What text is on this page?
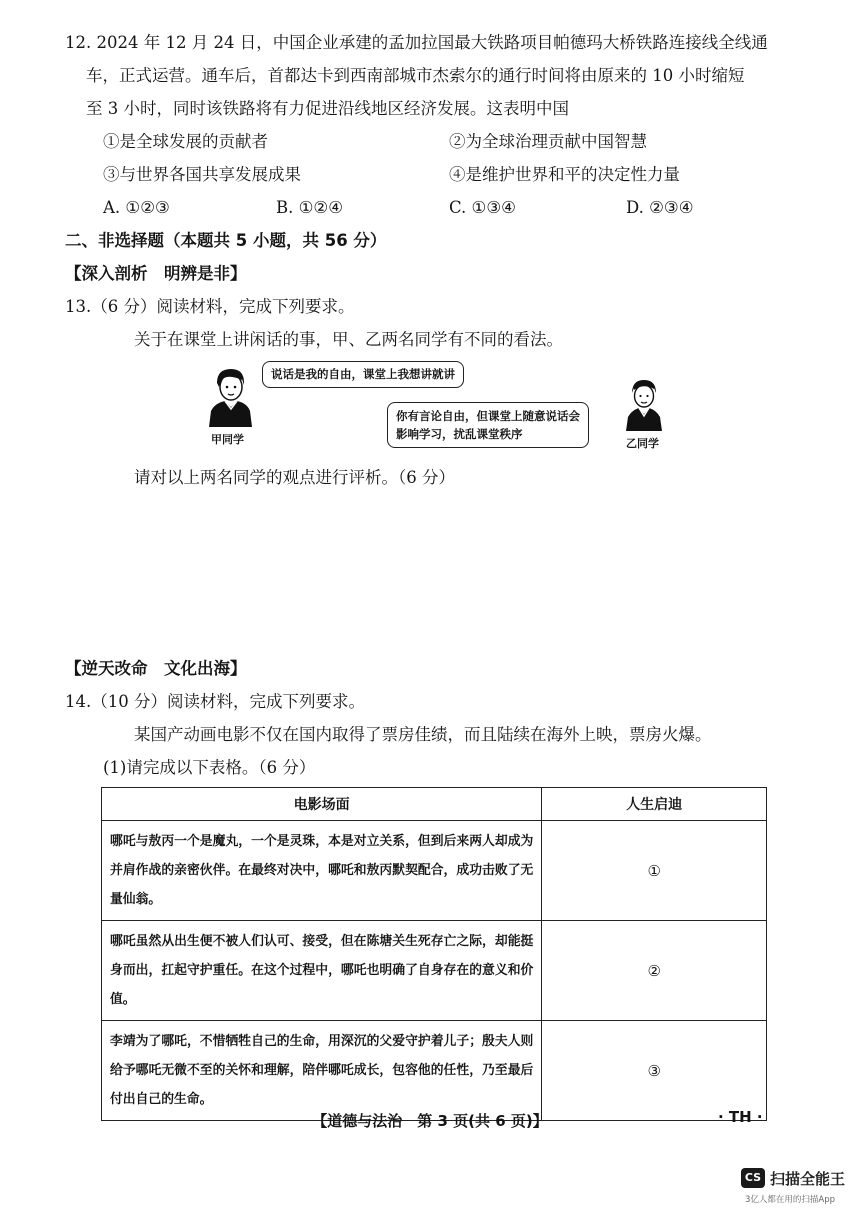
12. 2024 年 12 月 24 日，中国企业承建的孟加拉国最大铁路项目帕德玛大桥铁路连接线全线通
车，正式运营。通车后，首都达卡到西南部城市杰索尔的通行时间将由原来的 10 小时缩短
至 3 小时，同时该铁路将有力促进沿线地区经济发展。这表明中国
①是全球发展的贡献者	②为全球治理贡献中国智慧
③与世界各国共享发展成果	④是维护世界和平的决定性力量
A. ①②③	B. ①②④	C. ①③④	D. ②③④
二、非选择题（本题共 5 小题，共 56 分）
【深入剖析　明辨是非】
13.（6 分）阅读材料，完成下列要求。
关于在课堂上讲闲话的事，甲、乙两名同学有不同的看法。
甲同学
说话是我的自由，课堂上我想讲就讲
乙同学
你有言论自由，但课堂上随意说话会
影响学习，扰乱课堂秩序
请对以上两名同学的观点进行评析。（6 分）
【逆天改命　文化出海】
14.（10 分）阅读材料，完成下列要求。
某国产动画电影不仅在国内取得了票房佳绩，而且陆续在海外上映，票房火爆。
(1)请完成以下表格。（6 分）
电影场面	人生启迪
哪吒与敖丙一个是魔丸，一个是灵珠，本是对立关系，但到后来两人却成为并肩作战的亲密伙伴。在最终对决中，哪吒和敖丙默契配合，成功击败了无量仙翁。	①
哪吒虽然从出生便不被人们认可、接受，但在陈塘关生死存亡之际，却能挺身而出，扛起守护重任。在这个过程中，哪吒也明确了自身存在的意义和价值。	②
李靖为了哪吒，不惜牺牲自己的生命，用深沉的父爱守护着儿子；殷夫人则给予哪吒无微不至的关怀和理解，陪伴哪吒成长，包容他的任性，乃至最后付出自己的生命。	③
【道德与法治　第 3 页(共 6 页)】	· TH ·
CS 扫描全能王
3亿人都在用的扫描App
